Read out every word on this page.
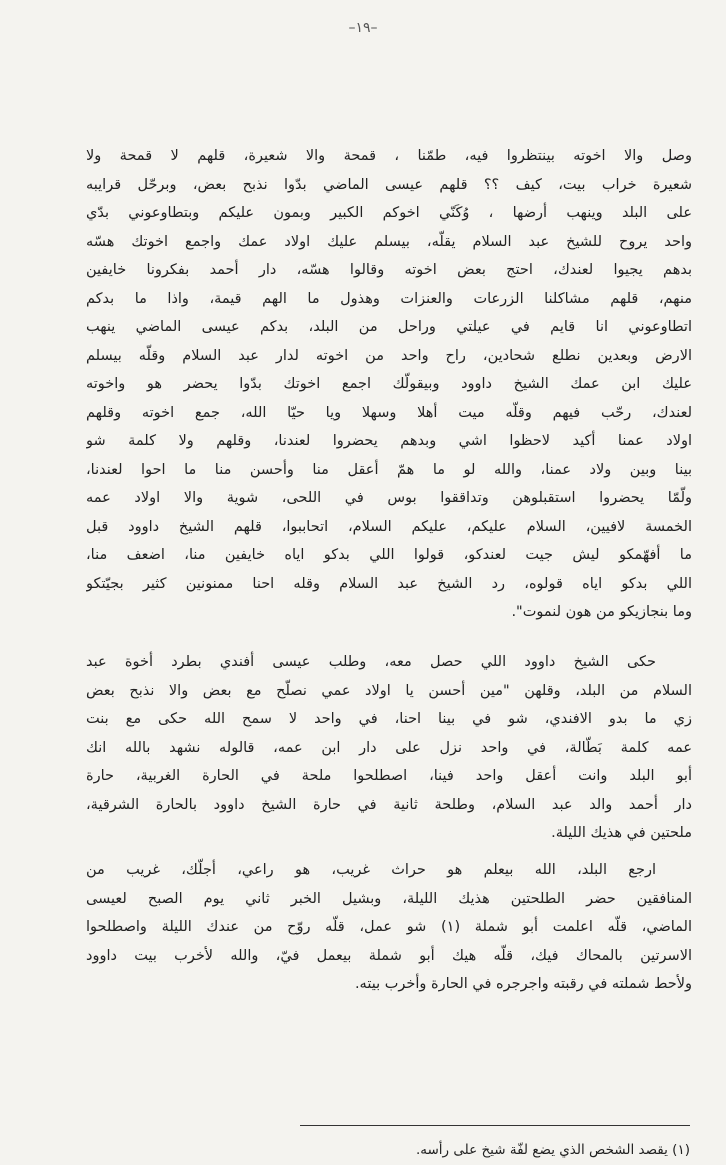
–١٩–
وصل والا اخوته بينتظروا فيه، طمّنا ، قمحة والا شعيرة، قلهم لا قمحة ولا
شعيرة خراب بيت، كيف ؟؟ قلهم عيسى الماضي بدّوا نذبح بعض، وبرحّل قرايبه
على البلد وينهب أرضها ، وُكَنّي اخوكم الكبير وبمون عليكم وبتطاوعوني بدّي
واحد يروح للشيخ عبد السلام يقلّه، بيسلم عليك اولاد عمك واجمع اخوتك هسّه
بدهم يجيوا لعندك، احتج بعض اخوته وقالوا هسّه، دار أحمد بفكرونا خايفين
منهم، قلهم مشاكلنا الزرعات والعنزات وهذول ما الهم قيمة، واذا ما بدكم
اتطاوعوني انا قايم في عيلتي وراحل من البلد، بدكم عيسى الماضي ينهب
الارض وبعدين نطلع شحادين، راح واحد من اخوته لدار عبد السلام وقلّه بيسلم
عليك ابن عمك الشيخ داوود وبيقولّك اجمع اخوتك بدّوا يحضر هو واخوته
لعندك، رحّب فيهم وقلّه ميت أهلا وسهلا ويا حيّا الله، جمع اخوته وقلهم
اولاد عمنا أكيد لاحظوا اشي وبدهم يحضروا لعندنا، وقلهم ولا كلمة شو
بينا وبين ولاد عمنا، والله لو ما همّ أعقل منا وأحسن منا ما احوا لعندنا،
ولّمّا يحضروا استقبلوهن وتداققوا بوس في اللحى، شوية والا اولاد عمه
الخمسة لافيين، السلام عليكم، عليكم السلام، اتحاببوا، قلهم الشيخ داوود قبل
ما أفهّمكو ليش جيت لعندكو، قولوا اللي بدكو اياه خايفين منا، اضعف منا،
اللي بدكو اياه قولوه، رد الشيخ عبد السلام وقله احنا ممنونين كثير بجيّتكو
وما بنجازيكو من هون لنموت".
حكى الشيخ داوود اللي حصل معه، وطلب عيسى أفندي بطرد أخوة عبد
السلام من البلد، وقلهن "مين أحسن يا اولاد عمي نصلّح مع بعض والا نذبح بعض
زي ما بدو الافندي، شو في بينا احنا، في واحد لا سمح الله حكى مع بنت
عمه كلمة بَطّالة، في واحد نزل على دار ابن عمه، قالوله نشهد بالله انك
أبو البلد وانت أعقل واحد فينا، اصطلحوا ملحة في الحارة الغربية، حارة
دار أحمد والد عبد السلام، وطلحة ثانية في حارة الشيخ داوود بالحارة الشرقية،
ملحتين في هذيك الليلة.
ارجع البلد، الله بيعلم هو حراث غريب، هو راعي، أجلّك، غريب من
المنافقين حضر الطلحتين هذيك الليلة، وبشيل الخبر ثاني يوم الصبح لعيسى
الماضي، قلّه اعلمت أبو شملة (١) شو عمل، قلّه روّح من عندك الليلة واصطلحوا
الاسرتين بالمحاك فيك، قلّه هيك أبو شملة بيعمل فيّ، والله لأخرب بيت داوود
ولأحط شملته في رقبته واجرجره في الحارة وأخرب بيته.
(١) يقصد الشخص الذي يضع لفّة شيخ على رأسه.
